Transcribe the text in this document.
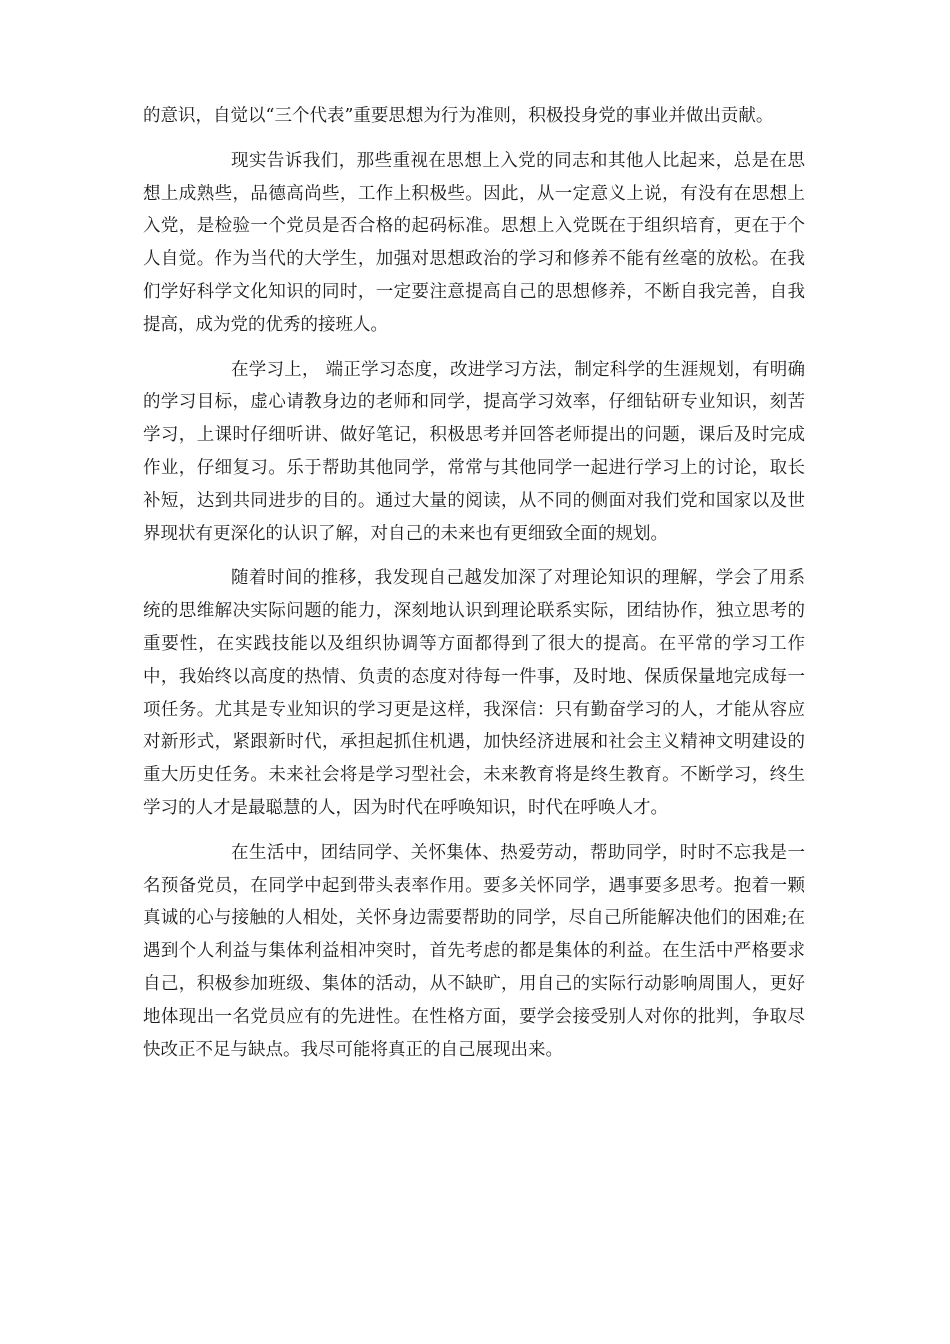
的意识，自觉以“三个代表”重要思想为行为准则，积极投身党的事业并做出贡献。

现实告诉我们，那些重视在思想上入党的同志和其他人比起来，总是在思想上成熟些，品德高尚些，工作上积极些。因此，从一定意义上说，有没有在思想上入党，是检验一个党员是否合格的起码标准。思想上入党既在于组织培育，更在于个人自觉。作为当代的大学生，加强对思想政治的学习和修养不能有丝毫的放松。在我们学好科学文化知识的同时，一定要注意提高自己的思想修养，不断自我完善，自我提高，成为党的优秀的接班人。

在学习上， 端正学习态度，改进学习方法，制定科学的生涯规划，有明确的学习目标，虚心请教身边的老师和同学，提高学习效率，仔细钻研专业知识，刻苦学习，上课时仔细听讲、做好笔记，积极思考并回答老师提出的问题，课后及时完成作业，仔细复习。乐于帮助其他同学，常常与其他同学一起进行学习上的讨论，取长补短，达到共同进步的目的。通过大量的阅读，从不同的侧面对我们党和国家以及世界现状有更深化的认识了解，对自己的未来也有更细致全面的规划。

随着时间的推移，我发现自己越发加深了对理论知识的理解，学会了用系统的思维解决实际问题的能力，深刻地认识到理论联系实际，团结协作，独立思考的重要性，在实践技能以及组织协调等方面都得到了很大的提高。在平常的学习工作中，我始终以高度的热情、负责的态度对待每一件事，及时地、保质保量地完成每一项任务。尤其是专业知识的学习更是这样，我深信：只有勤奋学习的人，才能从容应对新形式，紧跟新时代，承担起抓住机遇，加快经济进展和社会主义精神文明建设的重大历史任务。未来社会将是学习型社会，未来教育将是终生教育。不断学习，终生学习的人才是最聪慧的人，因为时代在呼唤知识，时代在呼唤人才。

在生活中，团结同学、关怀集体、热爱劳动，帮助同学，时时不忘我是一名预备党员，在同学中起到带头表率作用。要多关怀同学，遇事要多思考。抱着一颗真诚的心与接触的人相处，关怀身边需要帮助的同学，尽自己所能解决他们的困难;在遇到个人利益与集体利益相冲突时，首先考虑的都是集体的利益。在生活中严格要求自己，积极参加班级、集体的活动，从不缺旷，用自己的实际行动影响周围人，更好地体现出一名党员应有的先进性。在性格方面，要学会接受别人对你的批判，争取尽快改正不足与缺点。我尽可能将真正的自己展现出来。
